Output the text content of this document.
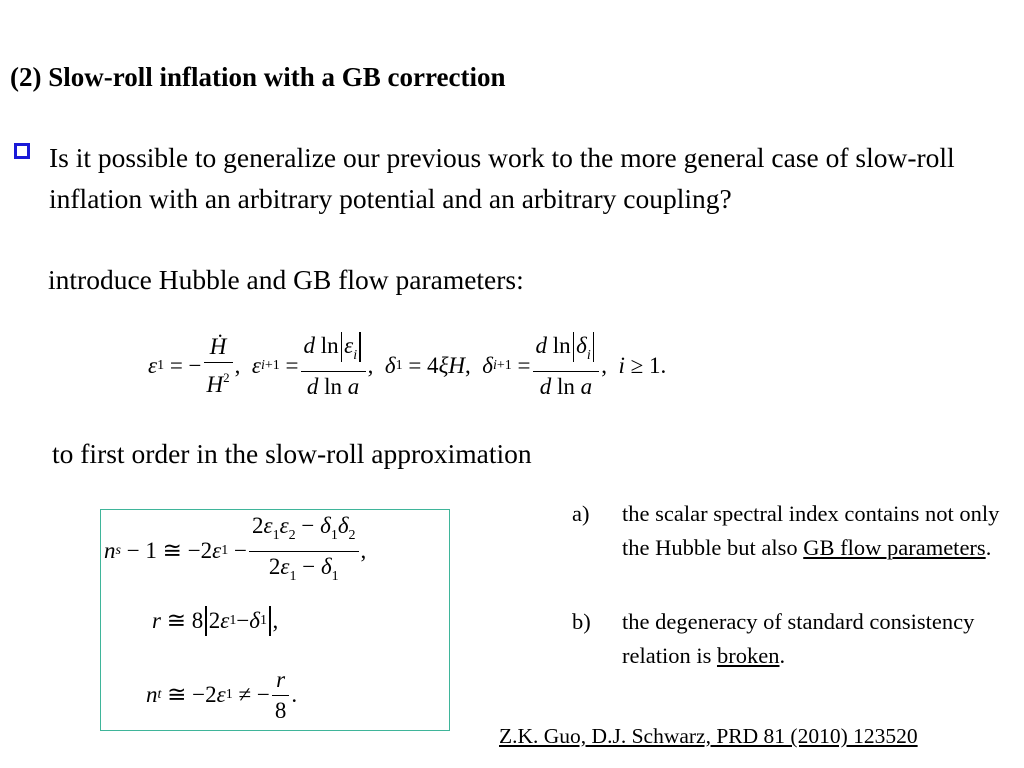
(2) Slow-roll inflation with a GB correction
Is it possible to generalize our previous work to the more general case of slow-roll inflation with an arbitrary potential and an arbitrary coupling?
introduce Hubble and GB flow parameters:
ε 1 = − $\frac{\text{Ḣ}}{H^2}$ , ε $i +1 = \frac{d \ln \varepsilon_i}{\text{d ln a}}$ , δ 1 = 4 ξ̇H , δ $i +1 = \frac{d \ln \delta_i}{\text{d ln a}}$ , i ≥ 1.
to first order in the slow-roll approximation
n s − 1 ≅ −2 ε $1 - \frac{2\varepsilon_1\varepsilon_2 - \delta_1\delta_2}{2\varepsilon_1 - \delta_1}$ ,
r ≅ 8 2 ε 1 − δ 1 ,
n t ≅ −2 ε 1 ≠ − $\frac{r}{8}$ .
a) the scalar spectral index contains not only the Hubble but also GB flow parameters.
b) the degeneracy of standard consistency relation is broken.
Z.K. Guo, D.J. Schwarz, PRD 81 (2010) 123520
